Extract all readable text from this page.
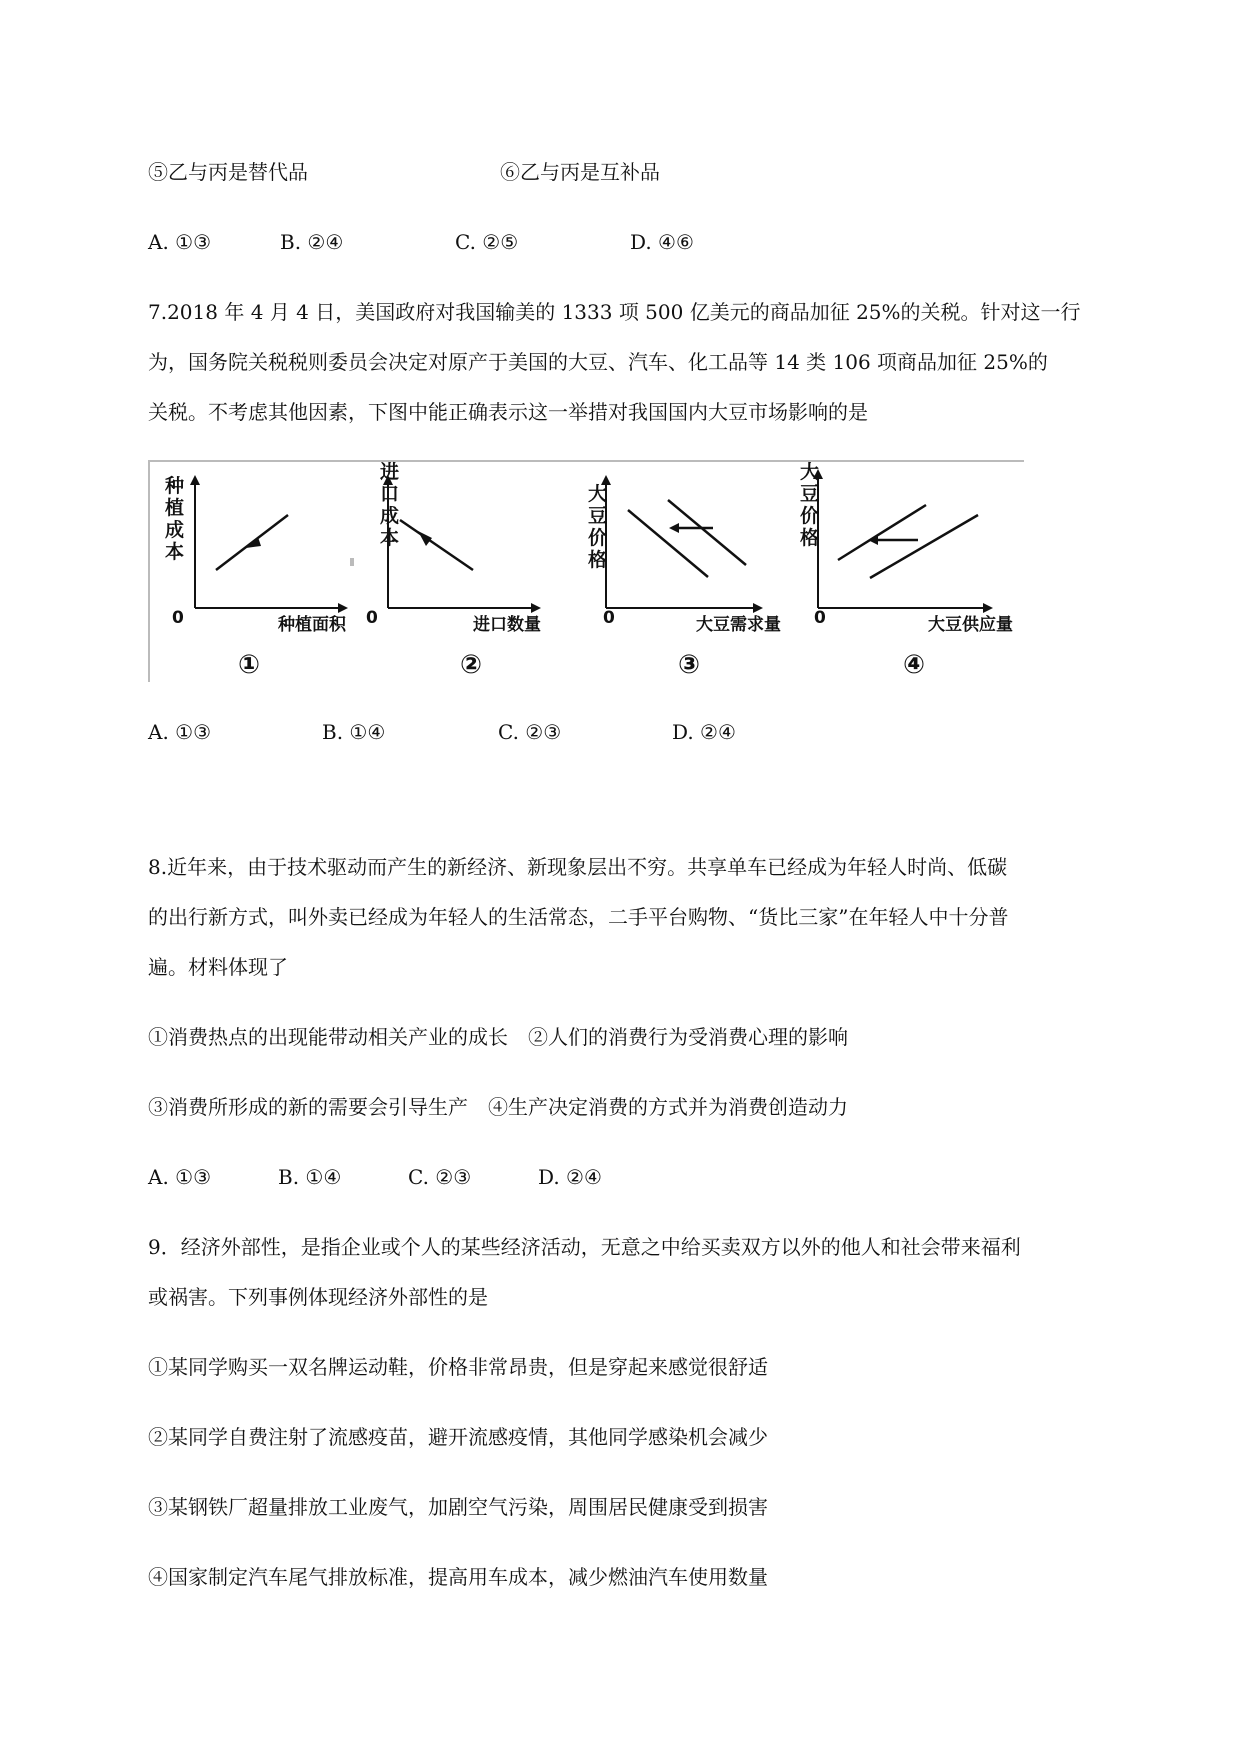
⑤乙与丙是替代品	⑥乙与丙是互补品
A. ①③	B. ②④	C. ②⑤	D. ④⑥
7.2018 年 4 月 4 日，美国政府对我国输美的 1333 项 500 亿美元的商品加征 25%的关税。针对这一行
为，国务院关税税则委员会决定对原产于美国的大豆、汽车、化工品等 14 类 106 项商品加征 25%的
关税。不考虑其他因素，下图中能正确表示这一举措对我国国内大豆市场影响的是
种
植
成
本
0	种植面积
①
进
口
成
本
0	进口数量
②
大
豆
价
格
0	大豆需求量
③
大
豆
价
格
0	大豆供应量
④
A. ①③	B. ①④	C. ②③	D. ②④
8.近年来，由于技术驱动而产生的新经济、新现象层出不穷。共享单车已经成为年轻人时尚、低碳
的出行新方式，叫外卖已经成为年轻人的生活常态，二手平台购物、“货比三家”在年轻人中十分普
遍。材料体现了
①消费热点的出现能带动相关产业的成长　②人们的消费行为受消费心理的影响
③消费所形成的新的需要会引导生产　④生产决定消费的方式并为消费创造动力
A. ①③	B. ①④	C. ②③	D. ②④
9．经济外部性，是指企业或个人的某些经济活动，无意之中给买卖双方以外的他人和社会带来福利
或祸害。下列事例体现经济外部性的是
①某同学购买一双名牌运动鞋，价格非常昂贵，但是穿起来感觉很舒适
②某同学自费注射了流感疫苗，避开流感疫情，其他同学感染机会减少
③某钢铁厂超量排放工业废气，加剧空气污染，周围居民健康受到损害
④国家制定汽车尾气排放标准，提高用车成本，减少燃油汽车使用数量
